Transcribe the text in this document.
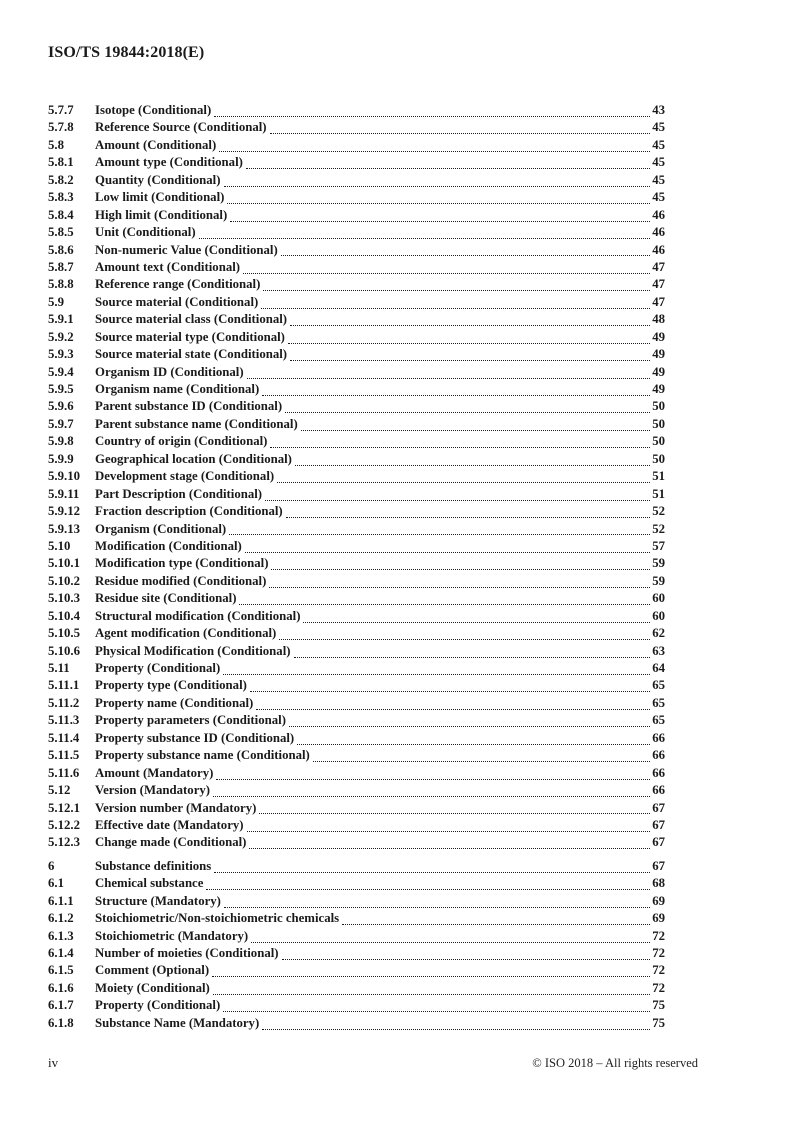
ISO/TS 19844:2018(E)
5.7.7	Isotope (Conditional)	43
5.7.8	Reference Source (Conditional)	45
5.8	Amount (Conditional)	45
5.8.1	Amount type (Conditional)	45
5.8.2	Quantity (Conditional)	45
5.8.3	Low limit (Conditional)	45
5.8.4	High limit (Conditional)	46
5.8.5	Unit (Conditional)	46
5.8.6	Non-numeric Value (Conditional)	46
5.8.7	Amount text (Conditional)	47
5.8.8	Reference range (Conditional)	47
5.9	Source material (Conditional)	47
5.9.1	Source material class (Conditional)	48
5.9.2	Source material type (Conditional)	49
5.9.3	Source material state (Conditional)	49
5.9.4	Organism ID (Conditional)	49
5.9.5	Organism name (Conditional)	49
5.9.6	Parent substance ID (Conditional)	50
5.9.7	Parent substance name (Conditional)	50
5.9.8	Country of origin (Conditional)	50
5.9.9	Geographical location (Conditional)	50
5.9.10	Development stage (Conditional)	51
5.9.11	Part Description (Conditional)	51
5.9.12	Fraction description (Conditional)	52
5.9.13	Organism (Conditional)	52
5.10	Modification (Conditional)	57
5.10.1	Modification type (Conditional)	59
5.10.2	Residue modified (Conditional)	59
5.10.3	Residue site (Conditional)	60
5.10.4	Structural modification (Conditional)	60
5.10.5	Agent modification (Conditional)	62
5.10.6	Physical Modification (Conditional)	63
5.11	Property (Conditional)	64
5.11.1	Property type (Conditional)	65
5.11.2	Property name (Conditional)	65
5.11.3	Property parameters (Conditional)	65
5.11.4	Property substance ID (Conditional)	66
5.11.5	Property substance name (Conditional)	66
5.11.6	Amount (Mandatory)	66
5.12	Version (Mandatory)	66
5.12.1	Version number (Mandatory)	67
5.12.2	Effective date (Mandatory)	67
5.12.3	Change made (Conditional)	67
6	Substance definitions	67
6.1	Chemical substance	68
6.1.1	Structure (Mandatory)	69
6.1.2	Stoichiometric/Non-stoichiometric chemicals	69
6.1.3	Stoichiometric (Mandatory)	72
6.1.4	Number of moieties (Conditional)	72
6.1.5	Comment (Optional)	72
6.1.6	Moiety (Conditional)	72
6.1.7	Property (Conditional)	75
6.1.8	Substance Name (Mandatory)	75
iv	© ISO 2018 – All rights reserved
